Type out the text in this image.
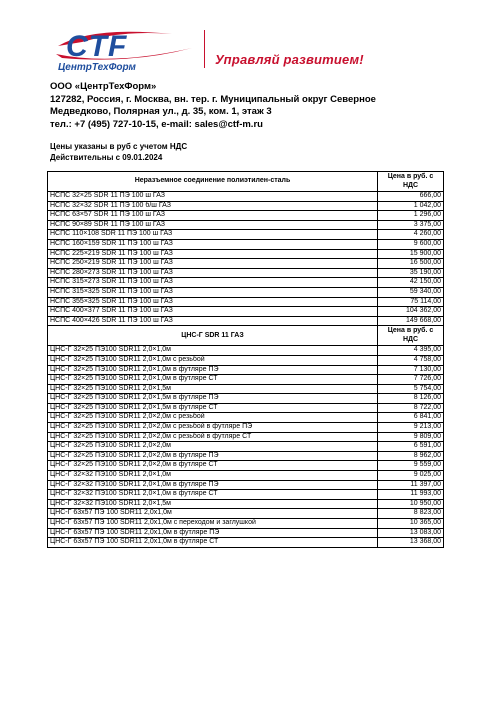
CTF
ЦентрТехФорм
Управляй развитием!
ООО «ЦентрТехФорм»
127282, Россия, г. Москва, вн. тер. г. Муниципальный округ Северное
Медведково, Полярная ул., д. 35, ком. 1, этаж 3
тел.: +7 (495) 727-10-15, e-mail: sales@ctf-m.ru
Цены указаны в руб с учетом НДС
Действительны с 09.01.2024
Неразъемное соединение полиэтилен-сталь	Цена в руб. с НДС
НСПС 32×25 SDR 11 ПЭ 100 ш ГАЗ	666,00
НСПС 32×32 SDR 11 ПЭ 100 б/ш ГАЗ	1 042,00
НСПС 63×57 SDR 11 ПЭ 100 ш ГАЗ	1 296,00
НСПС 90×89 SDR 11 ПЭ 100 ш ГАЗ	3 375,00
НСПС 110×108 SDR 11 ПЭ 100 ш ГАЗ	4 260,00
НСПС 160×159 SDR 11 ПЭ 100 ш ГАЗ	9 600,00
НСПС 225×219 SDR 11 ПЭ 100 ш ГАЗ	15 900,00
НСПС 250×219 SDR 11 ПЭ 100 ш ГАЗ	16 500,00
НСПС 280×273 SDR 11 ПЭ 100 ш ГАЗ	35 190,00
НСПС 315×273 SDR 11 ПЭ 100 ш ГАЗ	42 150,00
НСПС 315×325 SDR 11 ПЭ 100 ш ГАЗ	59 340,00
НСПС 355×325 SDR 11 ПЭ 100 ш ГАЗ	75 114,00
НСПС 400×377 SDR 11 ПЭ 100 ш ГАЗ	104 362,00
НСПС 400×426 SDR 11 ПЭ 100 ш ГАЗ	149 668,00
ЦНС-Г SDR 11 ГАЗ	Цена в руб. с НДС
ЦНС-Г 32×25 ПЭ100 SDR11 2,0×1,0м	4 395,00
ЦНС-Г 32×25 ПЭ100 SDR11 2,0×1,0м с резьбой	4 758,00
ЦНС-Г 32×25 ПЭ100 SDR11 2,0×1,0м в футляре ПЭ	7 130,00
ЦНС-Г 32×25 ПЭ100 SDR11 2,0×1,0м в футляре СТ	7 726,00
ЦНС-Г 32×25 ПЭ100 SDR11 2,0×1,5м	5 754,00
ЦНС-Г 32×25 ПЭ100 SDR11 2,0×1,5м в футляре ПЭ	8 126,00
ЦНС-Г 32×25 ПЭ100 SDR11 2,0×1,5м в футляре СТ	8 722,00
ЦНС-Г 32×25 ПЭ100 SDR11 2,0×2,0м с резьбой	6 841,00
ЦНС-Г 32×25 ПЭ100 SDR11 2,0×2,0м с резьбой в футляре ПЭ	9 213,00
ЦНС-Г 32×25 ПЭ100 SDR11 2,0×2,0м с резьбой в футляре СТ	9 809,00
ЦНС-Г 32×25 ПЭ100 SDR11 2,0×2,0м	6 591,00
ЦНС-Г 32×25 ПЭ100 SDR11 2,0×2,0м в футляре ПЭ	8 962,00
ЦНС-Г 32×25 ПЭ100 SDR11 2,0×2,0м в футляре СТ	9 559,00
ЦНС-Г 32×32 ПЭ100 SDR11 2,0×1,0м	9 025,00
ЦНС-Г 32×32 ПЭ100 SDR11 2,0×1,0м в футляре ПЭ	11 397,00
ЦНС-Г 32×32 ПЭ100 SDR11 2,0×1,0м в футляре СТ	11 993,00
ЦНС-Г 32×32 ПЭ100 SDR11 2,0×1,5м	10 950,00
ЦНС-Г 63х57 ПЭ 100 SDR11 2,0х1,0м	8 823,00
ЦНС-Г 63х57 ПЭ 100 SDR11 2,0х1,0м с переходом и заглушкой	10 365,00
ЦНС-Г 63х57 ПЭ 100 SDR11 2,0х1,0м в футляре ПЭ	13 083,00
ЦНС-Г 63х57 ПЭ 100 SDR11 2,0х1,0м в футляре СТ	13 368,00
